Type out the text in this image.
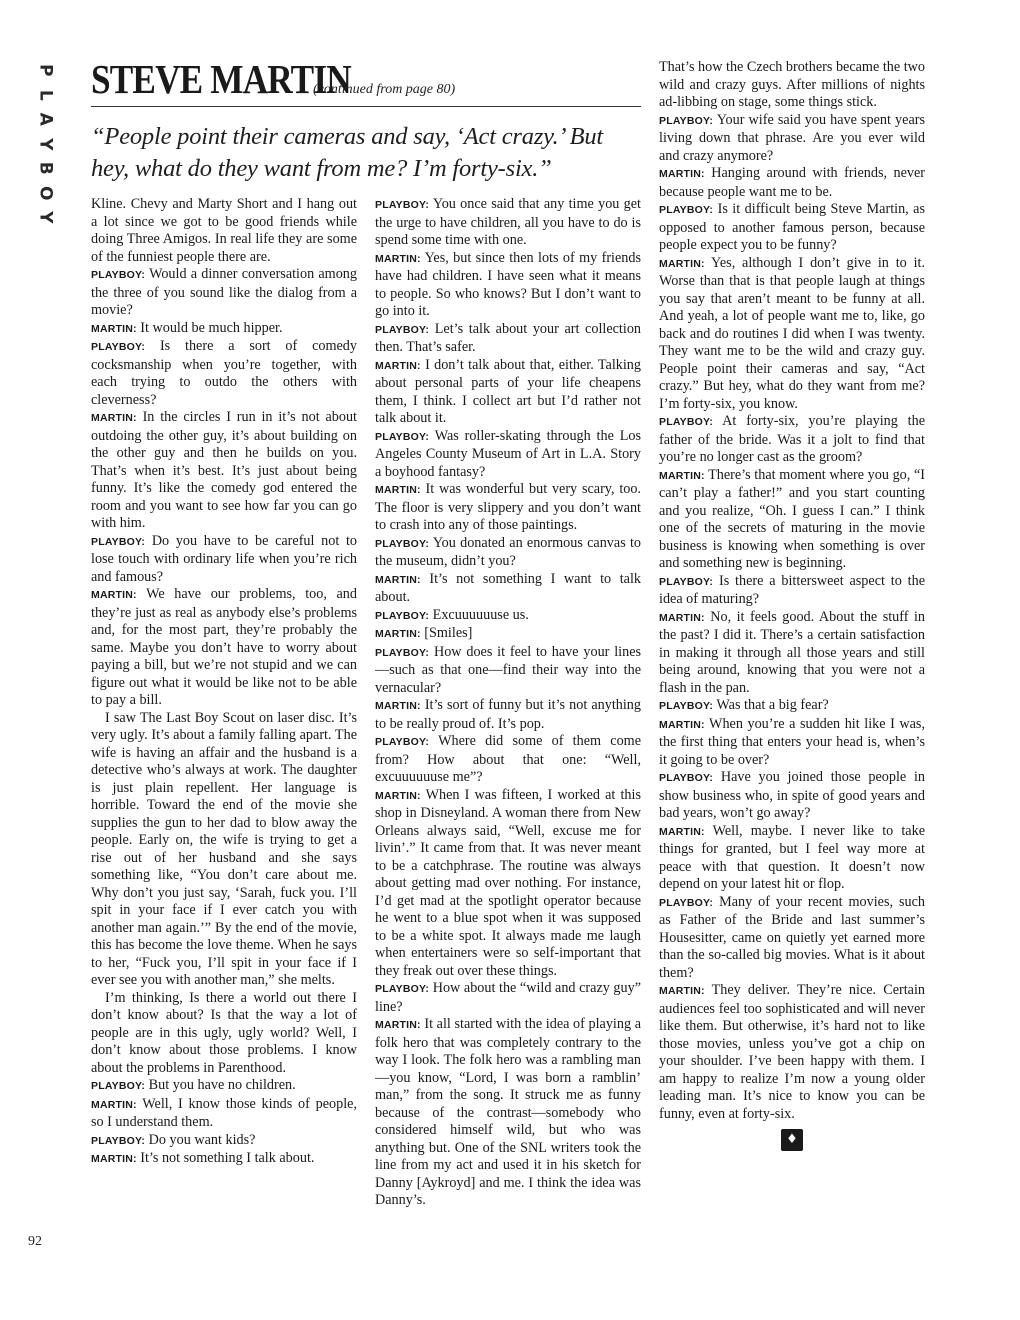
P
L
A
Y
B
O
Y
92
STEVE MARTIN
(continued from page 80)
“People point their cameras and say, ‘Act crazy.’ But hey, what do they want from me? I’m forty-six.”

Kline. Chevy and Marty Short and I hang out a lot since we got to be good friends while doing Three Amigos. In real life they are some of the funniest people there are.

PLAYBOY: Would a dinner conversation among the three of you sound like the dialog from a movie?

MARTIN: It would be much hipper.

PLAYBOY: Is there a sort of comedy cocksmanship when you’re together, with each trying to outdo the others with cleverness?

MARTIN: In the circles I run in it’s not about outdoing the other guy, it’s about building on the other guy and then he builds on you. That’s when it’s best. It’s just about being funny. It’s like the comedy god entered the room and you want to see how far you can go with him.

PLAYBOY: Do you have to be careful not to lose touch with ordinary life when you’re rich and famous?

MARTIN: We have our problems, too, and they’re just as real as anybody else’s problems and, for the most part, they’re probably the same. Maybe you don’t have to worry about paying a bill, but we’re not stupid and we can figure out what it would be like not to be able to pay a bill.

I saw The Last Boy Scout on laser disc. It’s very ugly. It’s about a family falling apart. The wife is having an affair and the husband is a detective who’s always at work. The daughter is just plain repellent. Her language is horrible. Toward the end of the movie she supplies the gun to her dad to blow away the people. Early on, the wife is trying to get a rise out of her husband and she says something like, “You don’t care about me. Why don’t you just say, ‘Sarah, fuck you. I’ll spit in your face if I ever catch you with another man again.’” By the end of the movie, this has become the love theme. When he says to her, “Fuck you, I’ll spit in your face if I ever see you with another man,” she melts.

I’m thinking, Is there a world out there I don’t know about? Is that the way a lot of people are in this ugly, ugly world? Well, I don’t know about those problems. I know about the problems in Parenthood.

PLAYBOY: But you have no children.

MARTIN: Well, I know those kinds of people, so I understand them.

PLAYBOY: Do you want kids?

MARTIN: It’s not something I talk about.

PLAYBOY: You once said that any time you get the urge to have children, all you have to do is spend some time with one.

MARTIN: Yes, but since then lots of my friends have had children. I have seen what it means to people. So who knows? But I don’t want to go into it.

PLAYBOY: Let’s talk about your art collection then. That’s safer.

MARTIN: I don’t talk about that, either. Talking about personal parts of your life cheapens them, I think. I collect art but I’d rather not talk about it.

PLAYBOY: Was roller-skating through the Los Angeles County Museum of Art in L.A. Story a boyhood fantasy?

MARTIN: It was wonderful but very scary, too. The floor is very slippery and you don’t want to crash into any of those paintings.

PLAYBOY: You donated an enormous canvas to the museum, didn’t you?

MARTIN: It’s not something I want to talk about.

PLAYBOY: Excuuuuuuse us.

MARTIN: [Smiles]

PLAYBOY: How does it feel to have your lines—such as that one—find their way into the vernacular?

MARTIN: It’s sort of funny but it’s not anything to be really proud of. It’s pop.

PLAYBOY: Where did some of them come from? How about that one: “Well, excuuuuuuse me”?

MARTIN: When I was fifteen, I worked at this shop in Disneyland. A woman there from New Orleans always said, “Well, excuse me for livin’.” It came from that. It was never meant to be a catchphrase. The routine was always about getting mad over nothing. For instance, I’d get mad at the spotlight operator because he went to a blue spot when it was supposed to be a white spot. It always made me laugh when entertainers were so self-important that they freak out over these things.

PLAYBOY: How about the “wild and crazy guy” line?

MARTIN: It all started with the idea of playing a folk hero that was completely contrary to the way I look. The folk hero was a rambling man—you know, “Lord, I was born a ramblin’ man,” from the song. It struck me as funny because of the contrast—somebody who considered himself wild, but who was anything but. One of the SNL writers took the line from my act and used it in his sketch for Danny [Aykroyd] and me. I think the idea was Danny’s.

That’s how the Czech brothers became the two wild and crazy guys. After millions of nights ad-libbing on stage, some things stick.

PLAYBOY: Your wife said you have spent years living down that phrase. Are you ever wild and crazy anymore?

MARTIN: Hanging around with friends, never because people want me to be.

PLAYBOY: Is it difficult being Steve Martin, as opposed to another famous person, because people expect you to be funny?

MARTIN: Yes, although I don’t give in to it. Worse than that is that people laugh at things you say that aren’t meant to be funny at all. And yeah, a lot of people want me to, like, go back and do routines I did when I was twenty. They want me to be the wild and crazy guy. People point their cameras and say, “Act crazy.” But hey, what do they want from me? I’m forty-six, you know.

PLAYBOY: At forty-six, you’re playing the father of the bride. Was it a jolt to find that you’re no longer cast as the groom?

MARTIN: There’s that moment where you go, “I can’t play a father!” and you start counting and you realize, “Oh. I guess I can.” I think one of the secrets of maturing in the movie business is knowing when something is over and something new is beginning.

PLAYBOY: Is there a bittersweet aspect to the idea of maturing?

MARTIN: No, it feels good. About the stuff in the past? I did it. There’s a certain satisfaction in making it through all those years and still being around, knowing that you were not a flash in the pan.

PLAYBOY: Was that a big fear?

MARTIN: When you’re a sudden hit like I was, the first thing that enters your head is, when’s it going to be over?

PLAYBOY: Have you joined those people in show business who, in spite of good years and bad years, won’t go away?

MARTIN: Well, maybe. I never like to take things for granted, but I feel way more at peace with that question. It doesn’t now depend on your latest hit or flop.

PLAYBOY: Many of your recent movies, such as Father of the Bride and last summer’s Housesitter, came on quietly yet earned more than the so-called big movies. What is it about them?

MARTIN: They deliver. They’re nice. Certain audiences feel too sophisticated and will never like them. But otherwise, it’s hard not to like those movies, unless you’ve got a chip on your shoulder. I’ve been happy with them. I am happy to realize I’m now a young older leading man. It’s nice to know you can be funny, even at forty-six.

♦
